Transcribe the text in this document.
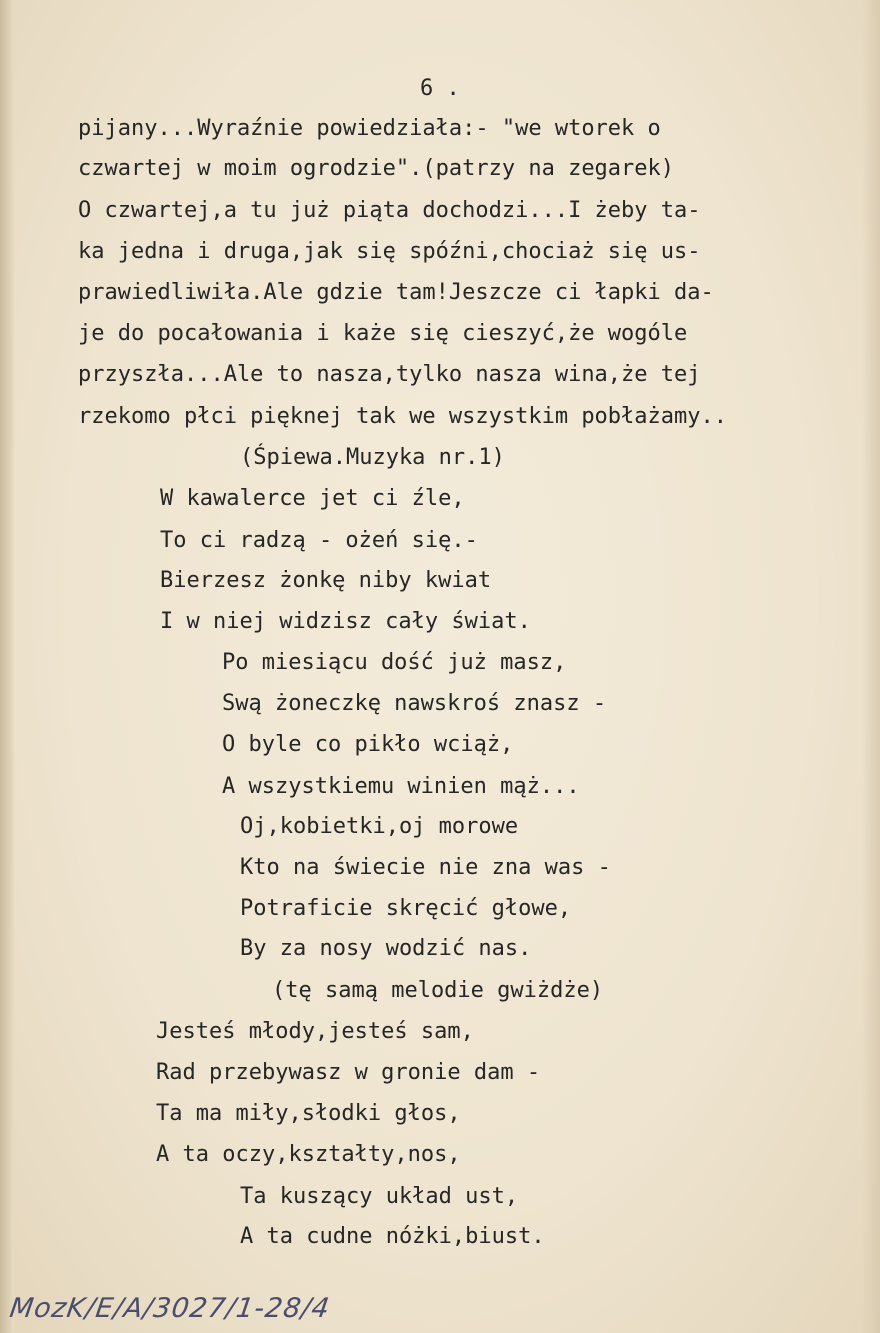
6 .
pijany...Wyraźnie powiedziała:- "we wtorek o
czwartej w moim ogrodzie".(patrzy na zegarek)
O czwartej,a tu już piąta dochodzi...I żeby ta-
ka jedna i druga,jak się spóźni,chociaż się us-
prawiedliwiła.Ale gdzie tam!Jeszcze ci łapki da-
je do pocałowania i każe się cieszyć,że wogóle
przyszła...Ale to nasza,tylko nasza wina,że tej
rzekomo płci pięknej tak we wszystkim pobłażamy..
(Śpiewa.Muzyka nr.1)
W kawalerce jet ci źle,
To ci radzą - ożeń się.-
Bierzesz żonkę niby kwiat
I w niej widzisz cały świat.
Po miesiącu dość już masz,
Swą żoneczkę nawskroś znasz -
O byle co pikło wciąż,
A wszystkiemu winien mąż...
Oj,kobietki,oj morowe
Kto na świecie nie zna was -
Potraficie skręcić głowe,
By za nosy wodzić nas.
(tę samą melodie gwiżdże)
Jesteś młody,jesteś sam,
Rad przebywasz w gronie dam -
Ta ma miły,słodki głos,
A ta oczy,kształty,nos,
Ta kuszący układ ust,
A ta cudne nóżki,biust.
MozK/E/A/3027/1-28/4
